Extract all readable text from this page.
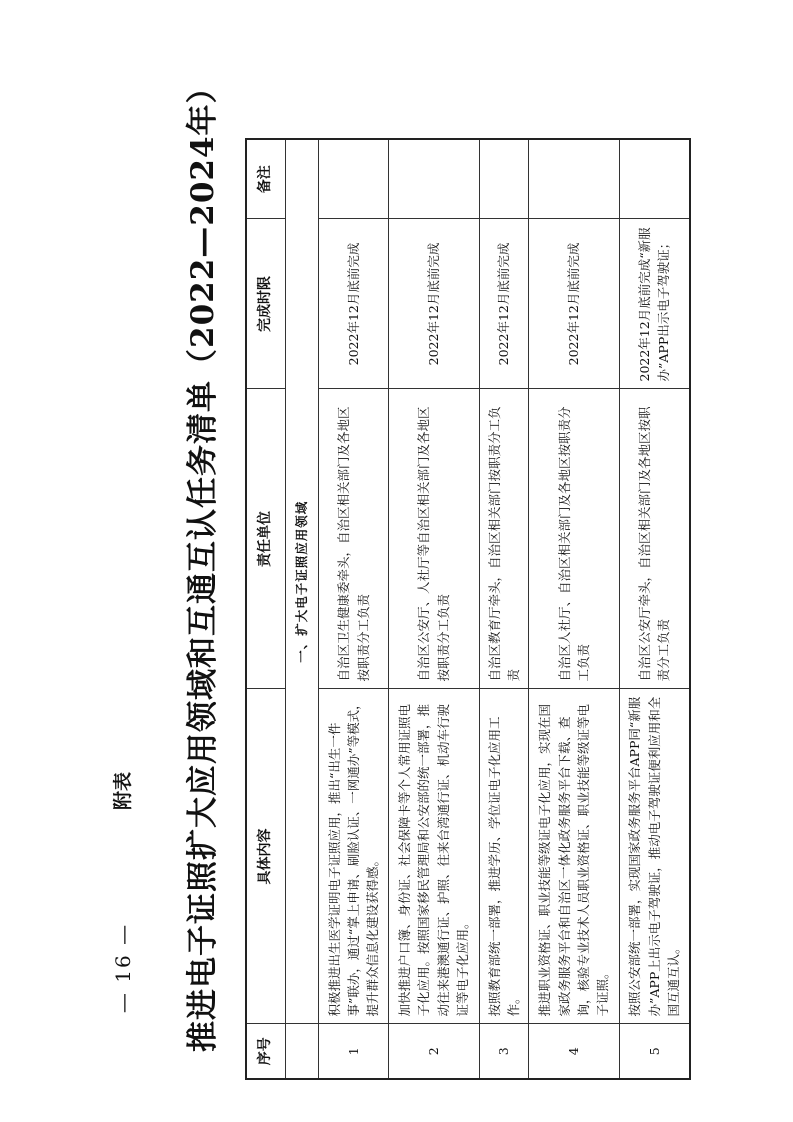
— 16 —
附表 推进电子证照扩大应用领域和互通互认任务清单（2022—2024年）	序号	具体内容	责任单位	完成时限	备注
	一、扩大电子证照应用领域			
1	积极推进出生医学证明电子证照应用，推出“出生一件事”联办，通过“掌上申请、刷脸认证、一网通办”等模式，提升群众信息化建设获得感。	自治区卫生健康委牵头，自治区相关部门及各地区按职责分工负责	2022年12月底前完成	
2	加快推进户口簿、身份证、社会保障卡等个人常用证照电子化应用。按照国家移民管理局和公安部的统一部署，推动往来港澳通行证、护照、往来台湾通行证、机动车行驶证等电子化应用。	自治区公安厅、人社厅等自治区相关部门及各地区按职责分工负责	2022年12月底前完成	
3	按照教育部统一部署，推进学历、学位证电子化应用工作。	自治区教育厅牵头，自治区相关部门按职责分工负责	2022年12月底前完成	
4	推进职业资格证、职业技能等级证电子化应用，实现在国家政务服务平台和自治区一体化政务服务平台下载、查询，核验专业技术人员职业资格证、职业技能等级证等电子证照。	自治区人社厅、自治区相关部门及各地区按职责分工负责	2022年12月底前完成	
5	按照公安部统一部署，实现国家政务服务平台APP同“新服办”APP上出示电子驾驶证，推动电子驾驶证便利应用和全国互通互认。	自治区公安厅牵头，自治区相关部门及各地区按职责分工负责	2022年12月底前完成“新服办”APP出示电子驾驶证；	
